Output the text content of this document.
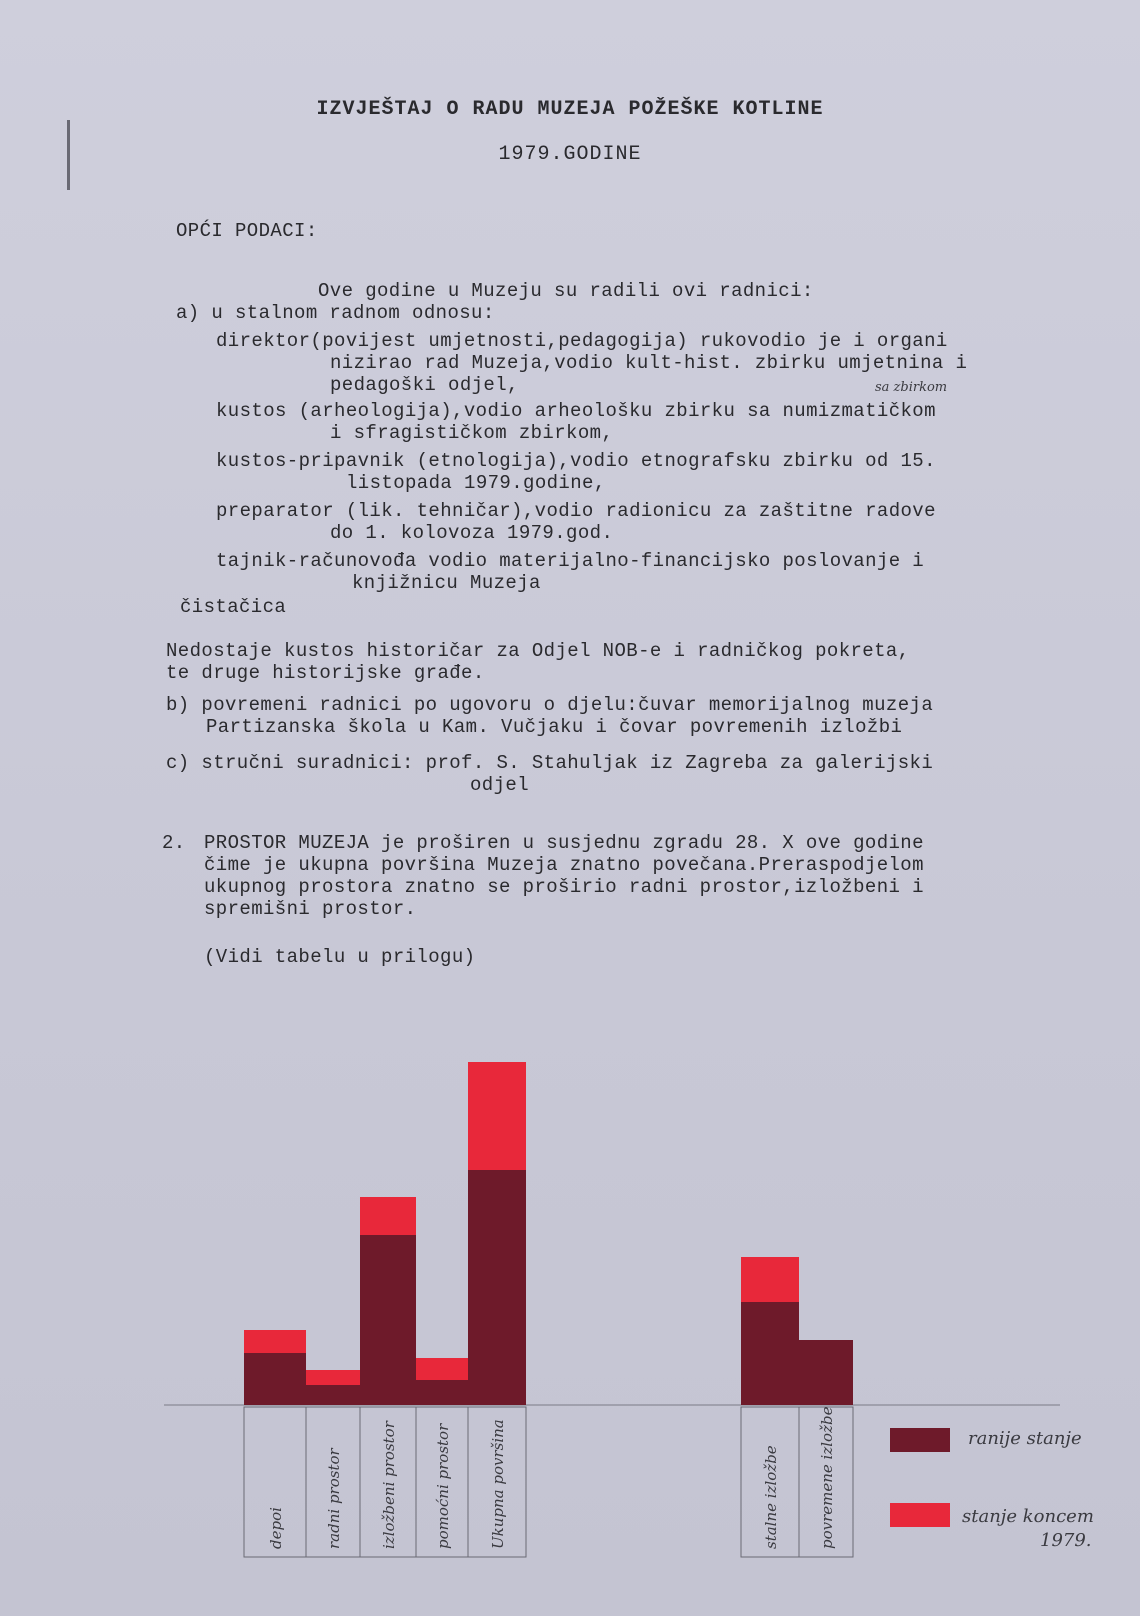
IZVJEŠTAJ O RADU MUZEJA POŽEŠKE KOTLINE
1979.GODINE
OPĆI PODACI:
Ove godine u Muzeju su radili ovi radnici:
a) u stalnom radnom odnosu:
direktor(povijest umjetnosti,pedagogija) rukovodio je i organi
nizirao rad Muzeja,vodio kult-hist. zbirku umjetnina i
pedagoški odjel,	sa zbirkom
kustos (arheologija),vodio arheološku zbirku sa numizmatičkom
i sfragističkom zbirkom,
kustos-pripavnik (etnologija),vodio etnografsku zbirku od 15.
listopada 1979.godine,
preparator (lik. tehničar),vodio radionicu za zaštitne radove
do 1. kolovoza 1979.god.
tajnik-računovođa vodio materijalno-financijsko poslovanje i
knjižnicu Muzeja
čistačica
Nedostaje kustos historičar za Odjel NOB-e i radničkog pokreta,
te druge historijske građe.
b) povremeni radnici po ugovoru o djelu:čuvar memorijalnog muzeja
Partizanska škola u Kam. Vučjaku i čovar povremenih izložbi
c) stručni suradnici: prof. S. Stahuljak iz Zagreba za galerijski
odjel
2. PROSTOR MUZEJA je proširen u susjednu zgradu 28. X ove godine
čime je ukupna površina Muzeja znatno povečana.Preraspodjelom
ukupnog prostora znatno se proširio radni prostor,izložbeni i
spremišni prostor.
(Vidi tabelu u prilogu)
depoi	radni prostor izložbeni prostor pomoćni prostor Ukupna površina	stalne izložbe	povremene izložbe	ranije stanje
stanje koncem
1979.
